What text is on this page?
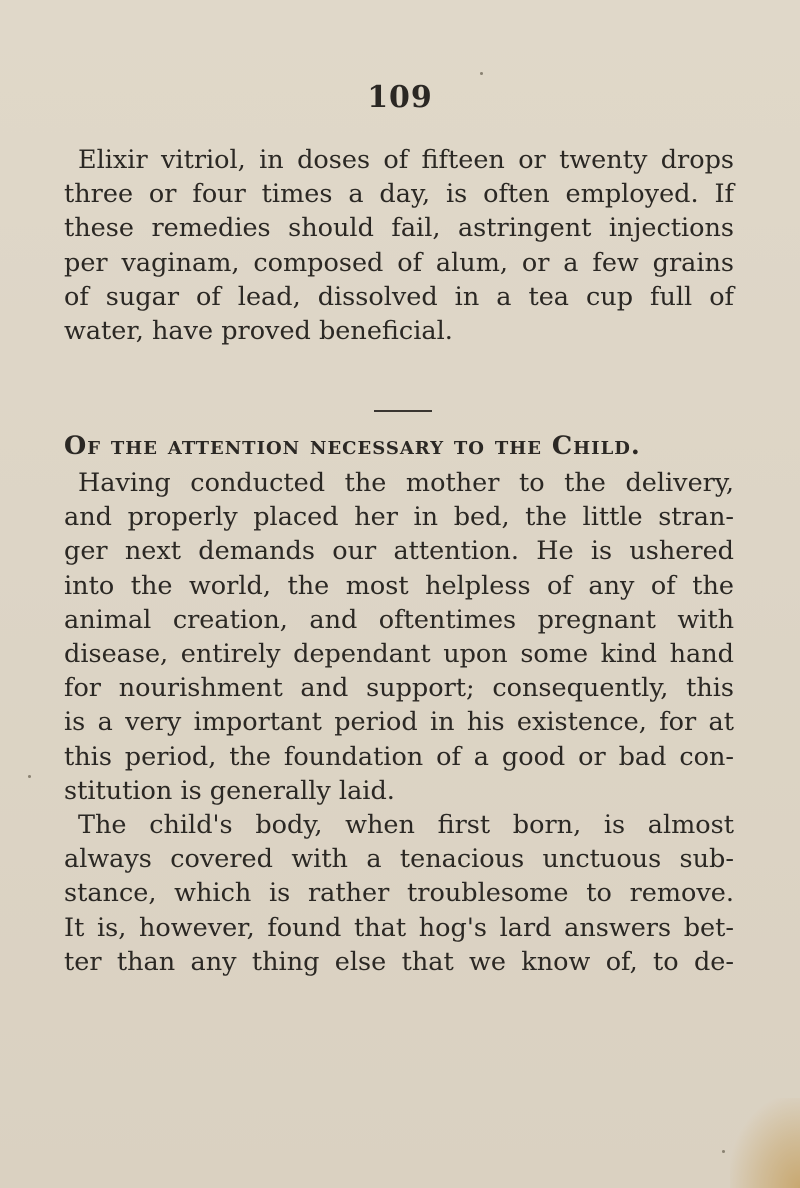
109
Elixir vitriol, in doses of fifteen or twenty drops
three or four times a day, is often employed. If
these remedies should fail, astringent injections
per vaginam, composed of alum, or a few grains
of sugar of lead, dissolved in a tea cup full of
water, have proved beneficial.
Of the attention necessary to the Child.
Having conducted the mother to the delivery,
and properly placed her in bed, the little stran-
ger next demands our attention. He is ushered
into the world, the most helpless of any of the
animal creation, and oftentimes pregnant with
disease, entirely dependant upon some kind hand
for nourishment and support; consequently, this
is a very important period in his existence, for at
this period, the foundation of a good or bad con-
stitution is generally laid.
The child's body, when first born, is almost
always covered with a tenacious unctuous sub-
stance, which is rather troublesome to remove.
It is, however, found that hog's lard answers bet-
ter than any thing else that we know of, to de-
